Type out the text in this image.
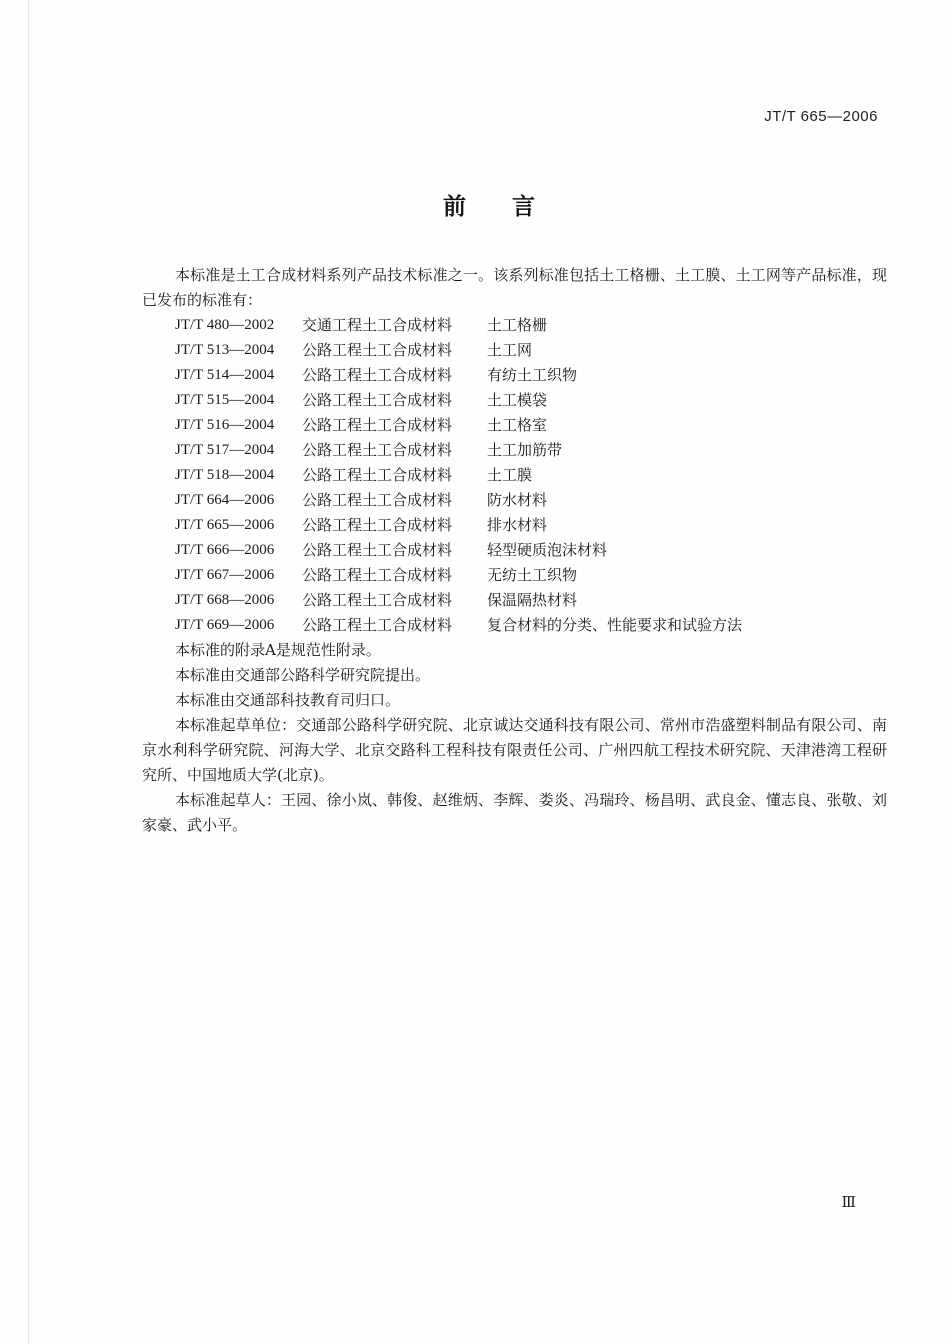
JT/T 665—2006
前言

本标准是土工合成材料系列产品技术标准之一。该系列标准包括土工格栅、土工膜、土工网等产品标准，现已发布的标准有：

JT/T 480—2002	交通工程土工合成材料	土工格栅
JT/T 513—2004	公路工程土工合成材料	土工网
JT/T 514—2004	公路工程土工合成材料	有纺土工织物
JT/T 515—2004	公路工程土工合成材料	土工模袋
JT/T 516—2004	公路工程土工合成材料	土工格室
JT/T 517—2004	公路工程土工合成材料	土工加筋带
JT/T 518—2004	公路工程土工合成材料	土工膜
JT/T 664—2006	公路工程土工合成材料	防水材料
JT/T 665—2006	公路工程土工合成材料	排水材料
JT/T 666—2006	公路工程土工合成材料	轻型硬质泡沫材料
JT/T 667—2006	公路工程土工合成材料	无纺土工织物
JT/T 668—2006	公路工程土工合成材料	保温隔热材料
JT/T 669—2006	公路工程土工合成材料	复合材料的分类、性能要求和试验方法

本标准的附录A是规范性附录。

本标准由交通部公路科学研究院提出。

本标准由交通部科技教育司归口。

本标准起草单位：交通部公路科学研究院、北京诚达交通科技有限公司、常州市浩盛塑料制品有限公司、南京水利科学研究院、河海大学、北京交路科工程科技有限责任公司、广州四航工程技术研究院、天津港湾工程研究所、中国地质大学(北京)。

本标准起草人：王园、徐小岚、韩俊、赵维炳、李辉、娄炎、冯瑞玲、杨昌明、武良金、懂志良、张敬、刘家豪、武小平。

Ⅲ
